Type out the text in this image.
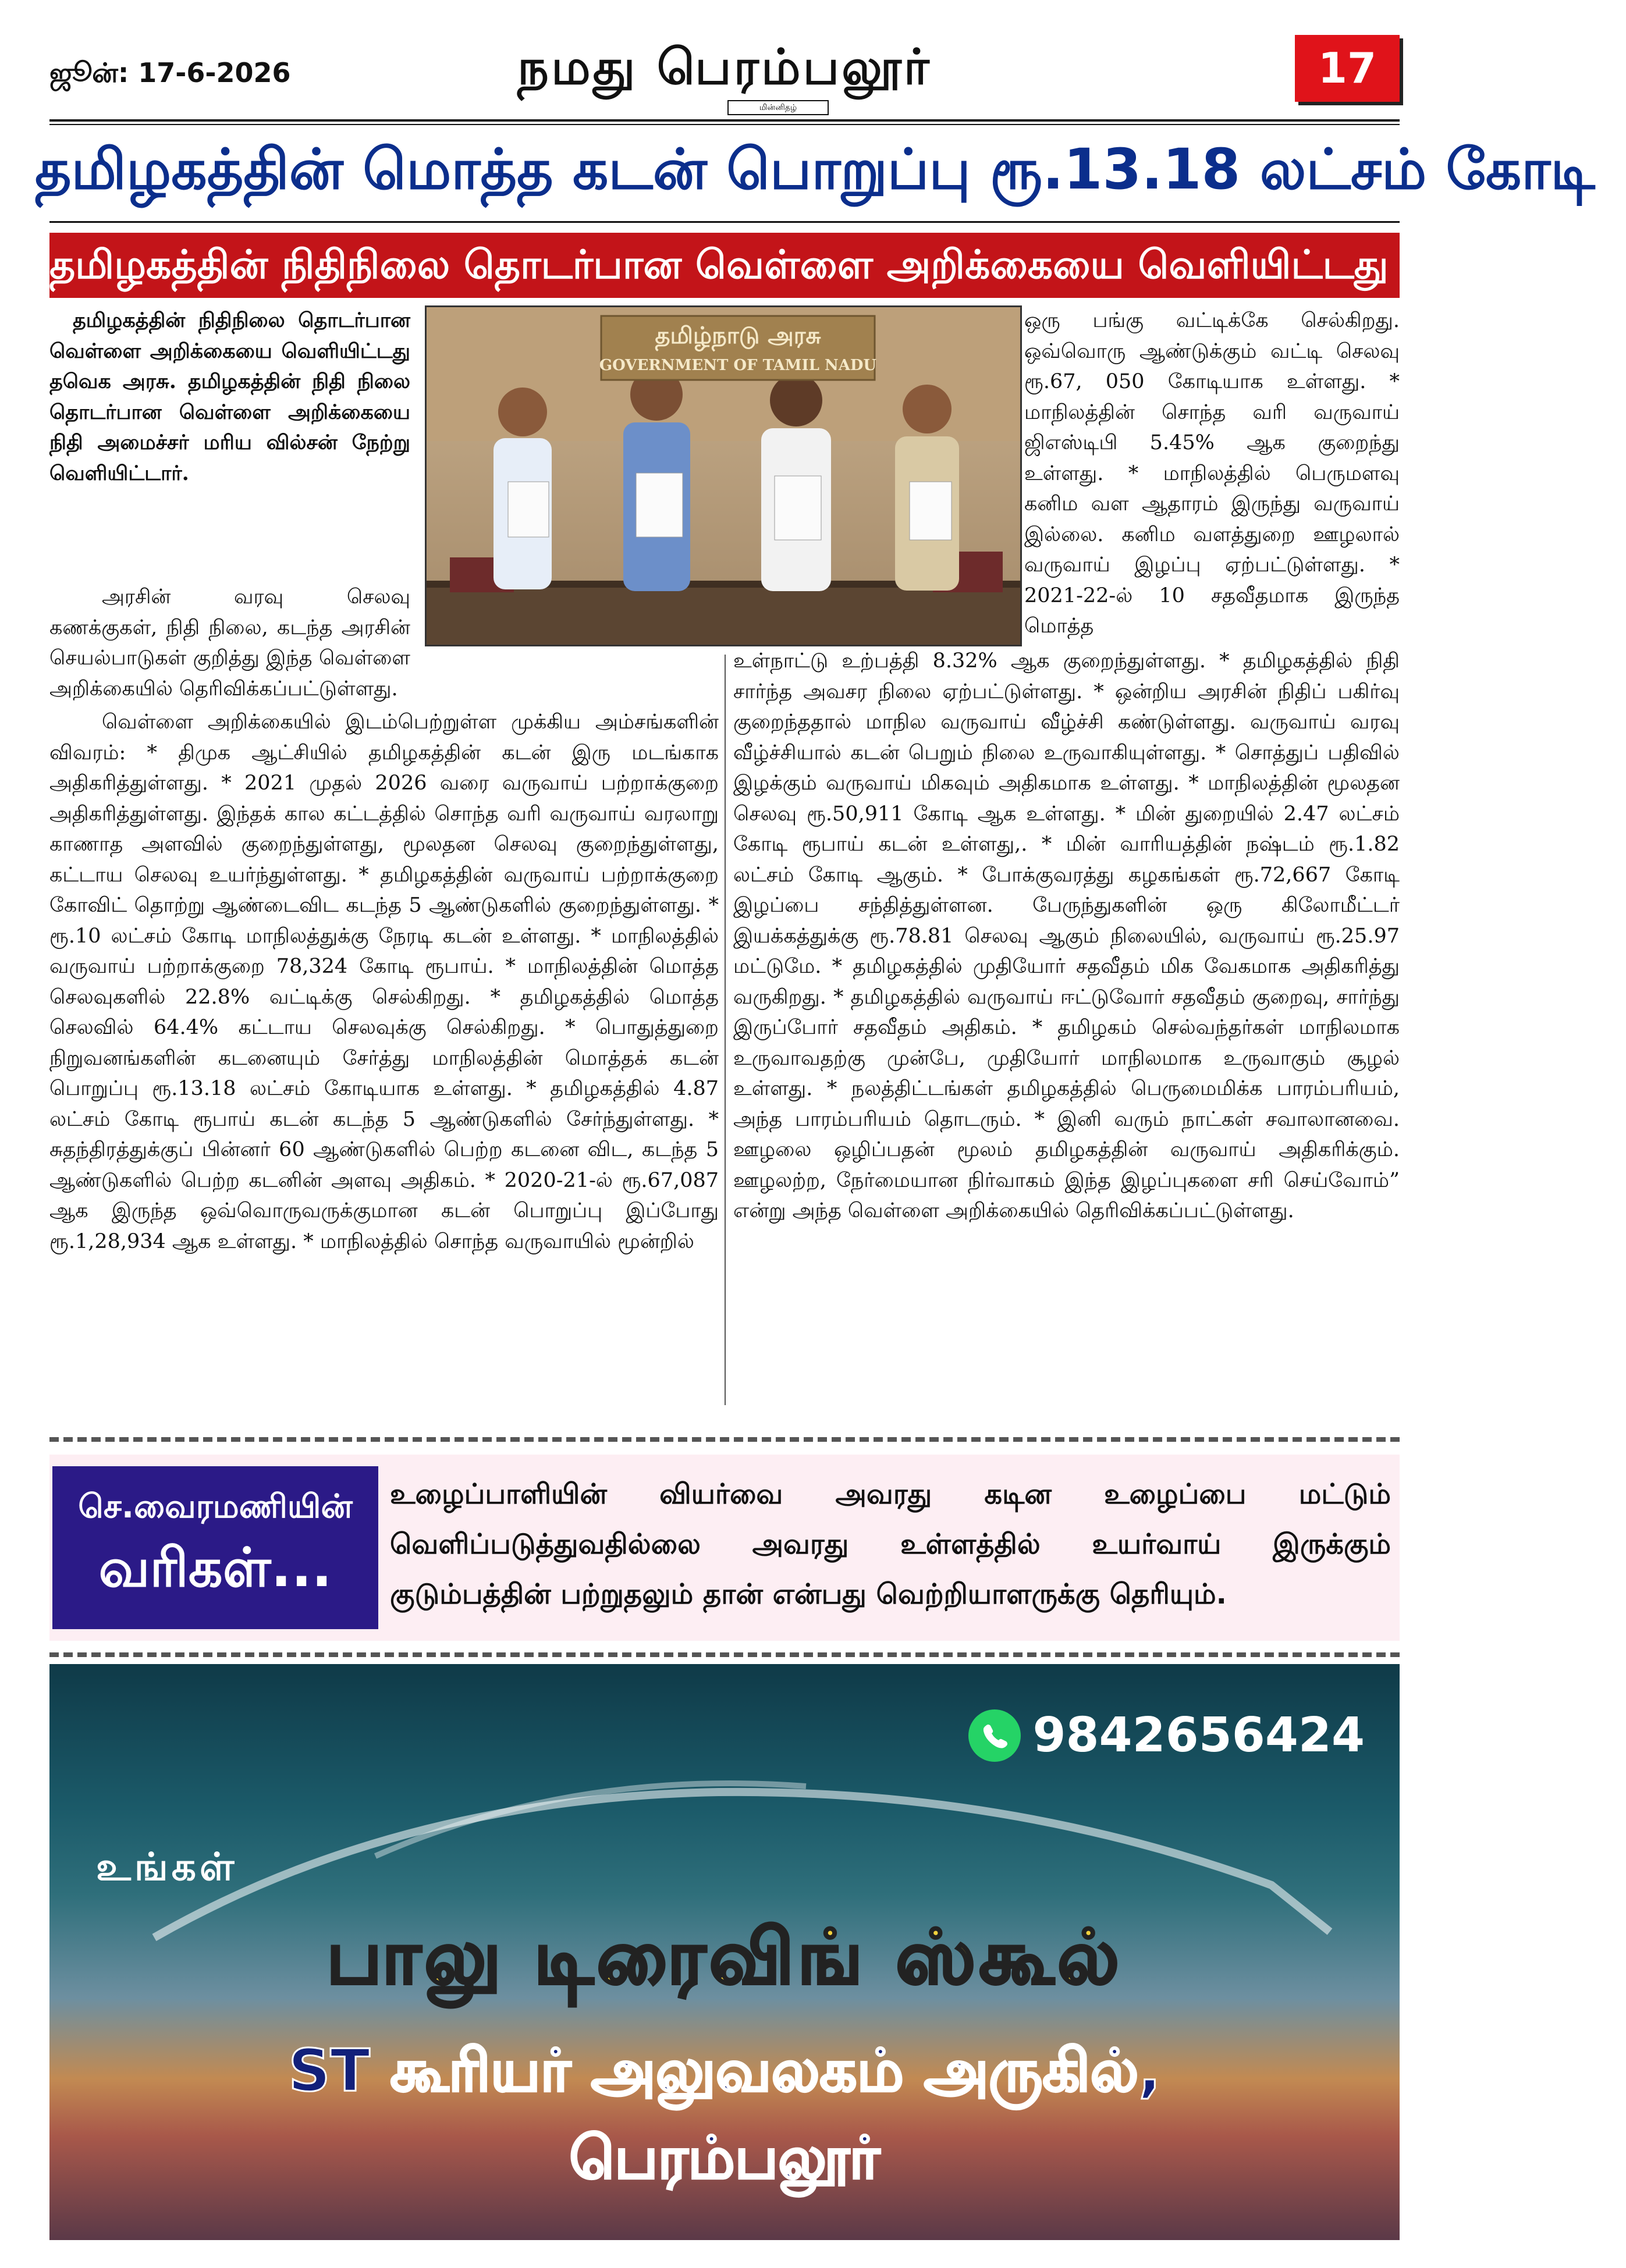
ஜூன்: 17-6-2026	நமது பெரம்பலூர்
மின்னிதழ்
17
தமிழகத்தின் மொத்த கடன் பொறுப்பு ரூ.13.18 லட்சம் கோடி
தமிழகத்தின் நிதிநிலை தொடர்பான வெள்ளை அறிக்கையை வெளியிட்டது தவெக அரசு

தமிழகத்தின் நிதிநிலை தொடர்பான வெள்ளை அறிக்கையை வெளியிட்டது தவெக அரசு. தமிழகத்தின் நிதி நிலை தொடர்பான வெள்ளை அறிக்கையை நிதி அமைச்சர் மரிய வில்சன் நேற்று வெளியிட்டார்.

அரசின் வரவு செலவு கணக்குகள், நிதி நிலை, கடந்த அரசின் செயல்பாடுகள் குறித்து இந்த வெள்ளை அறிக்கையில் தெரிவிக்கப்பட்டுள்ளது.

வெள்ளை அறிக்கையில் இடம்பெற்றுள்ள முக்கிய அம்சங்களின் விவரம்: * திமுக ஆட்சியில் தமிழகத்தின் கடன் இரு மடங்காக அதிகரித்துள்ளது. * 2021 முதல் 2026 வரை வருவாய் பற்றாக்குறை அதிகரித்துள்ளது. இந்தக் கால கட்டத்தில் சொந்த வரி வருவாய் வரலாறு காணாத அளவில் குறைந்துள்ளது, மூலதன செலவு குறைந்துள்ளது, கட்டாய செலவு உயர்ந்துள்ளது. * தமிழகத்தின் வருவாய் பற்றாக்குறை கோவிட் தொற்று ஆண்டைவிட கடந்த 5 ஆண்டுகளில் குறைந்துள்ளது. * ரூ.10 லட்சம் கோடி மாநிலத்துக்கு நேரடி கடன் உள்ளது. * மாநிலத்தில் வருவாய் பற்றாக்குறை 78,324 கோடி ரூபாய். * மாநிலத்தின் மொத்த செலவுகளில் 22.8% வட்டிக்கு செல்கிறது. * தமிழகத்தில் மொத்த செலவில் 64.4% கட்டாய செலவுக்கு செல்கிறது. * பொதுத்துறை நிறுவனங்களின் கடனையும் சேர்த்து மாநிலத்தின் மொத்தக் கடன் பொறுப்பு ரூ.13.18 லட்சம் கோடியாக உள்ளது. * தமிழகத்தில் 4.87 லட்சம் கோடி ரூபாய் கடன் கடந்த 5 ஆண்டுகளில் சேர்ந்துள்ளது. * சுதந்திரத்துக்குப் பின்னர் 60 ஆண்டுகளில் பெற்ற கடனை விட, கடந்த 5 ஆண்டுகளில் பெற்ற கடனின் அளவு அதிகம். * 2020-21-ல் ரூ.67,087 ஆக இருந்த ஒவ்வொருவருக்குமான கடன் பொறுப்பு இப்போது ரூ.1,28,934 ஆக உள்ளது. * மாநிலத்தில் சொந்த வருவாயில் மூன்றில்

தமிழ்நாடு அரசு
GOVERNMENT OF TAMIL NADU

ஒரு பங்கு வட்டிக்கே செல்கிறது. ஒவ்வொரு ஆண்டுக்கும் வட்டி செலவு ரூ.67, 050 கோடியாக உள்ளது. * மாநிலத்தின் சொந்த வரி வருவாய் ஜிஎஸ்டிபி 5.45% ஆக குறைந்து உள்ளது. * மாநிலத்தில் பெருமளவு கனிம வள ஆதாரம் இருந்து வருவாய் இல்லை. கனிம வளத்துறை ஊழலால் வருவாய் இழப்பு ஏற்பட்டுள்ளது. * 2021-22-ல் 10 சதவீதமாக இருந்த மொத்த

உள்நாட்டு உற்பத்தி 8.32% ஆக குறைந்துள்ளது. * தமிழகத்தில் நிதி சார்ந்த அவசர நிலை ஏற்பட்டுள்ளது. * ஒன்றிய அரசின் நிதிப் பகிர்வு குறைந்ததால் மாநில வருவாய் வீழ்ச்சி கண்டுள்ளது. வருவாய் வரவு வீழ்ச்சியால் கடன் பெறும் நிலை உருவாகியுள்ளது. * சொத்துப் பதிவில் இழக்கும் வருவாய் மிகவும் அதிகமாக உள்ளது. * மாநிலத்தின் மூலதன செலவு ரூ.50,911 கோடி ஆக உள்ளது. * மின் துறையில் 2.47 லட்சம் கோடி ரூபாய் கடன் உள்ளது,. * மின் வாரியத்தின் நஷ்டம் ரூ.1.82 லட்சம் கோடி ஆகும். * போக்குவரத்து கழகங்கள் ரூ.72,667 கோடி இழப்பை சந்தித்துள்ளன. பேருந்துகளின் ஒரு கிலோமீட்டர் இயக்கத்துக்கு ரூ.78.81 செலவு ஆகும் நிலையில், வருவாய் ரூ.25.97 மட்டுமே. * தமிழகத்தில் முதியோர் சதவீதம் மிக வேகமாக அதிகரித்து வருகிறது. * தமிழகத்தில் வருவாய் ஈட்டுவோர் சதவீதம் குறைவு, சார்ந்து இருப்போர் சதவீதம் அதிகம். * தமிழகம் செல்வந்தர்கள் மாநிலமாக உருவாவதற்கு முன்பே, முதியோர் மாநிலமாக உருவாகும் சூழல் உள்ளது. * நலத்திட்டங்கள் தமிழகத்தில் பெருமைமிக்க பாரம்பரியம், அந்த பாரம்பரியம் தொடரும். * இனி வரும் நாட்கள் சவாலானவை. ஊழலை ஒழிப்பதன் மூலம் தமிழகத்தின் வருவாய் அதிகரிக்கும். ஊழலற்ற, நேர்மையான நிர்வாகம் இந்த இழப்புகளை சரி செய்வோம்” என்று அந்த வெள்ளை அறிக்கையில் தெரிவிக்கப்பட்டுள்ளது.

செ.வைரமணியின்
வரிகள்...
உழைப்பாளியின் வியர்வை அவரது கடின உழைப்பை மட்டும் வெளிப்படுத்துவதில்லை அவரது உள்ளத்தில் உயர்வாய் இருக்கும் குடும்பத்தின் பற்றுதலும் தான் என்பது வெற்றியாளருக்கு தெரியும்.
9842656424
உங்கள்
பாலு டிரைவிங் ஸ்கூல்
ST கூரியர் அலுவலகம் அருகில்,
பெரம்பலூர்
